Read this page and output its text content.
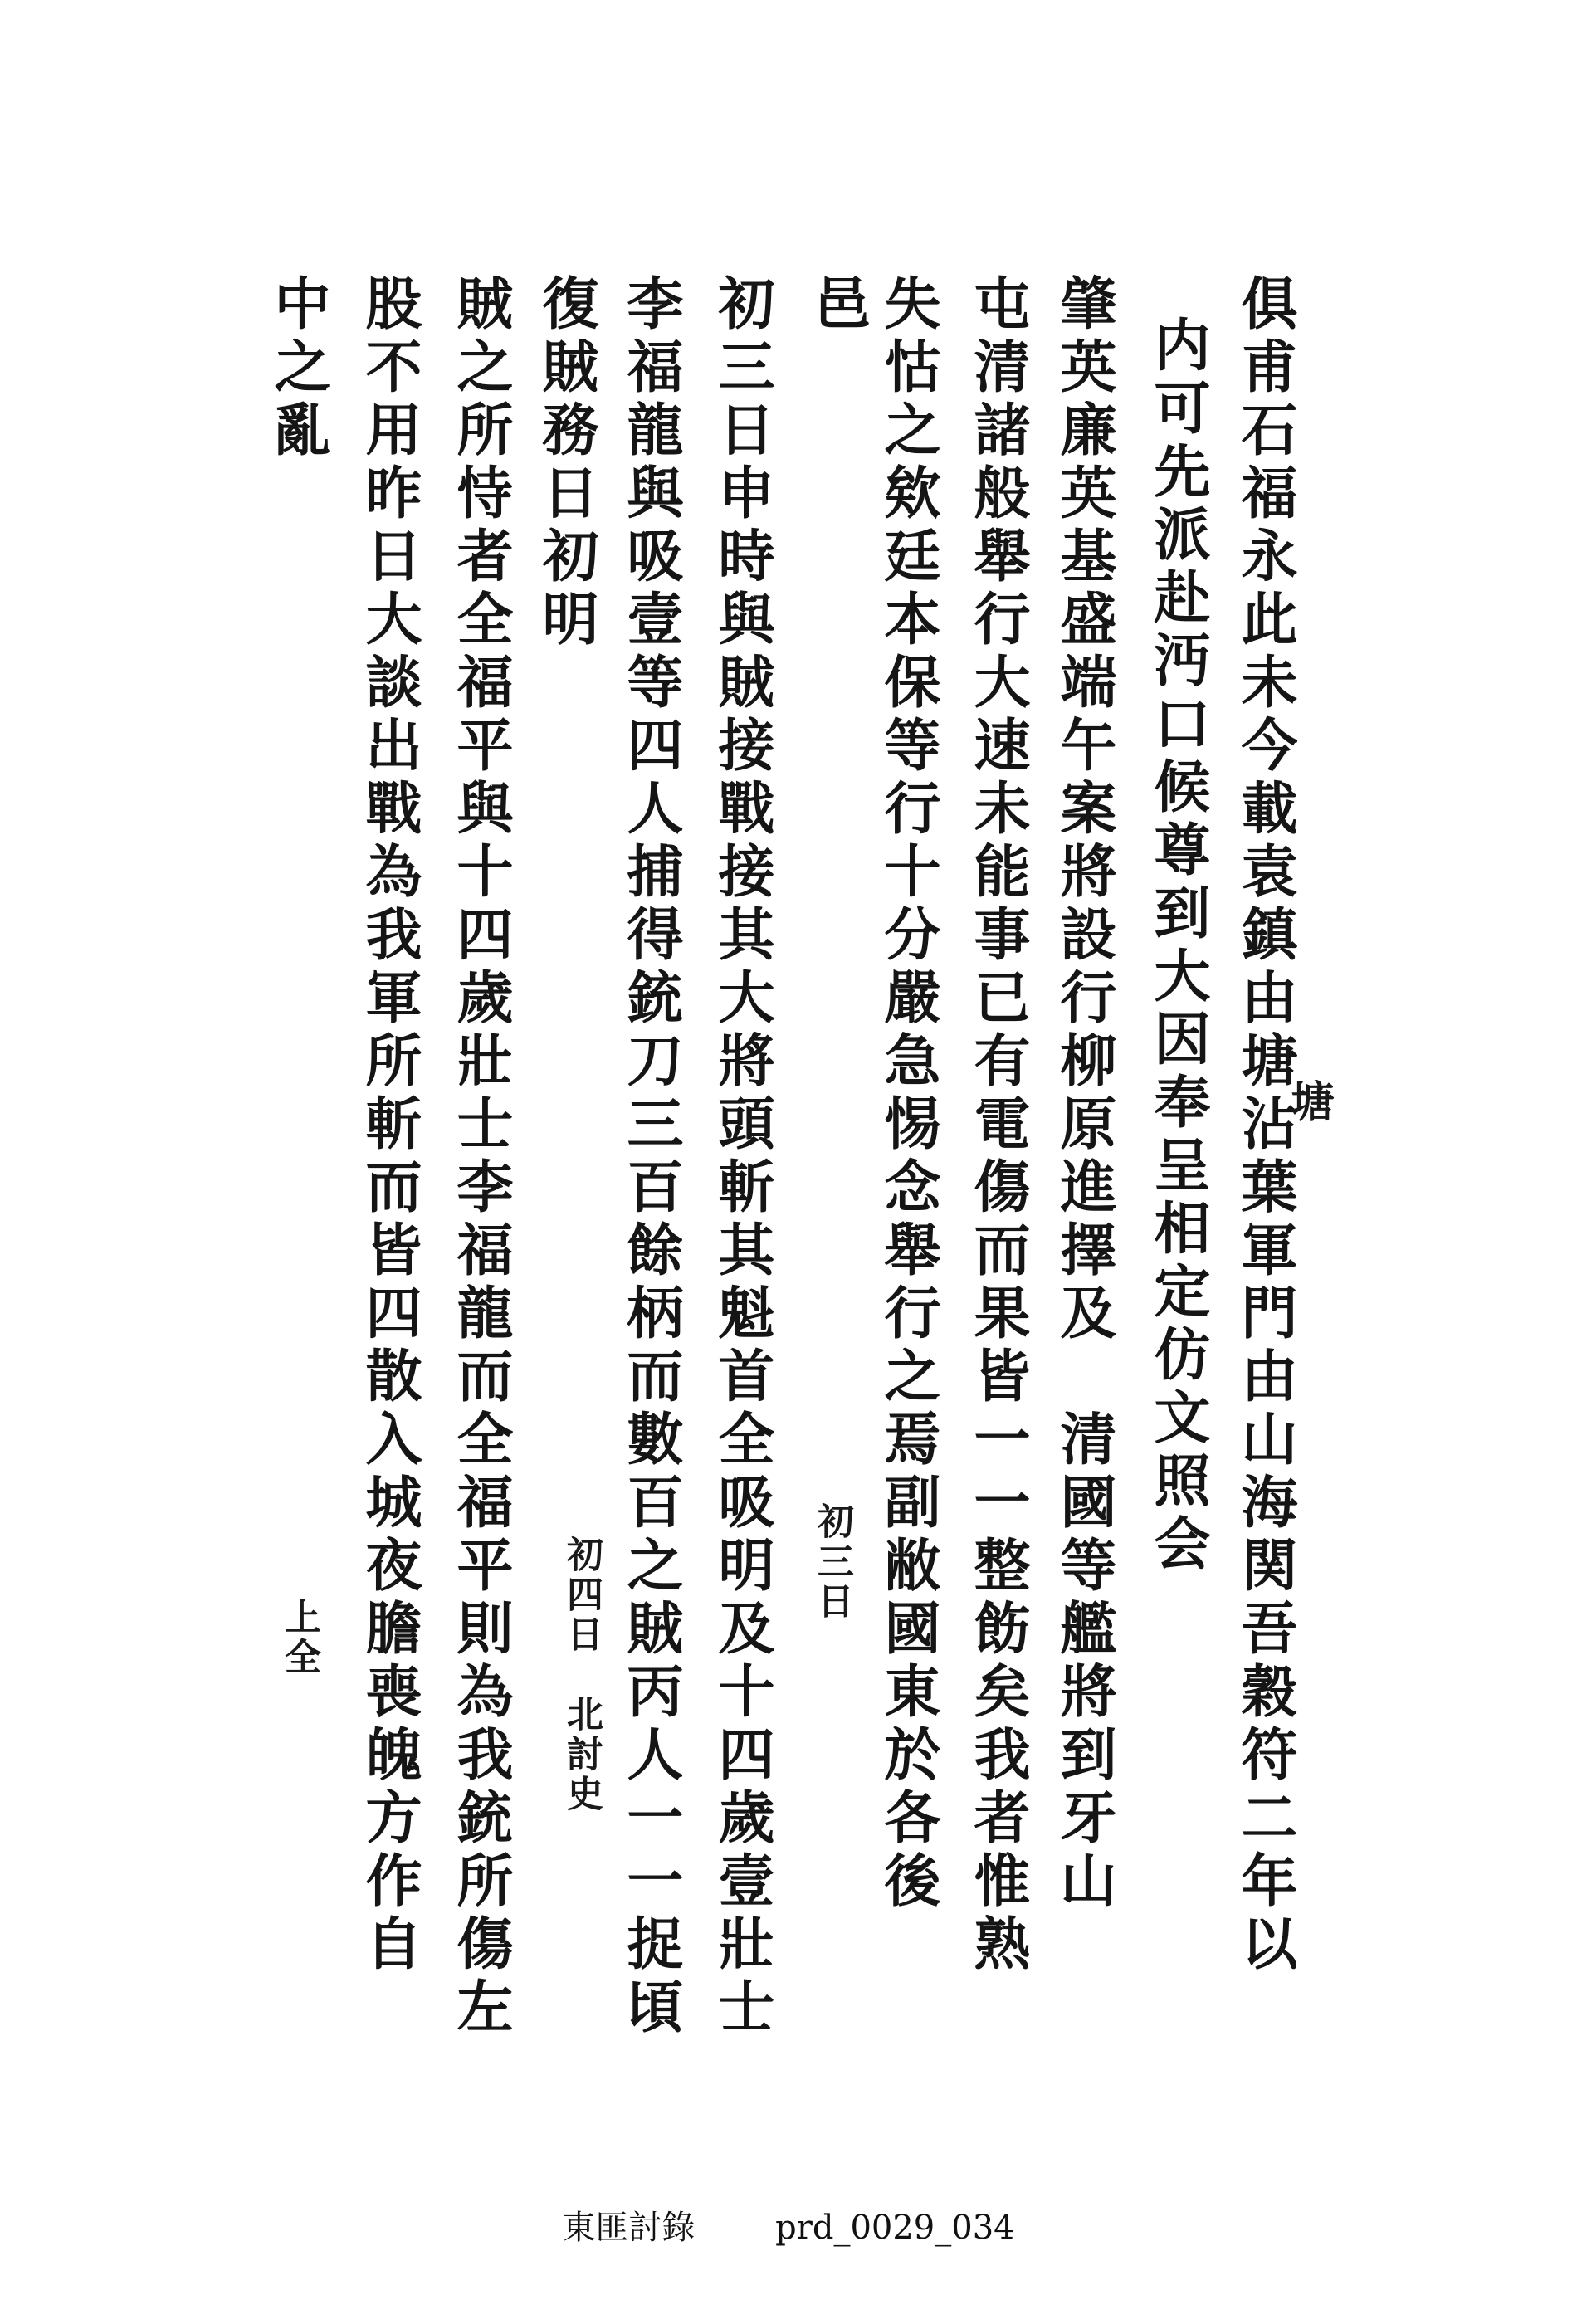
俱甫石福永此未今載袁鎮由塘沾葉軍門由山海関吾穀符二年以
内可先派赴沔口候尊到大因奉呈相定仿文照会
肇英廉英基盛端午案將設行柳原進擇及　清國等艦將到牙山
屯清諸般舉行大速未能事已有電傷而果皆一一整飭矣我者惟熟
失怙之欸廷本保等行十分嚴急惕念舉行之焉副敝國東於各後
邑
初三日申時與賊接戰接其大將頭斬其魁首全吸明及十四歲壹壯士
李福龍與吸壹等四人捕得銃刀三百餘柄而數百之賊丙人一一捉頃
復賊務日初明
賊之所恃者全福平與十四歲壯士李福龍而全福平則為我銃所傷左
股不用昨日大談出戰為我軍所斬而皆四散入城夜膽喪魄方作自
中之亂
塘
初三日
初四日　北討史
上全
東匪討錄 prd_0029_034
